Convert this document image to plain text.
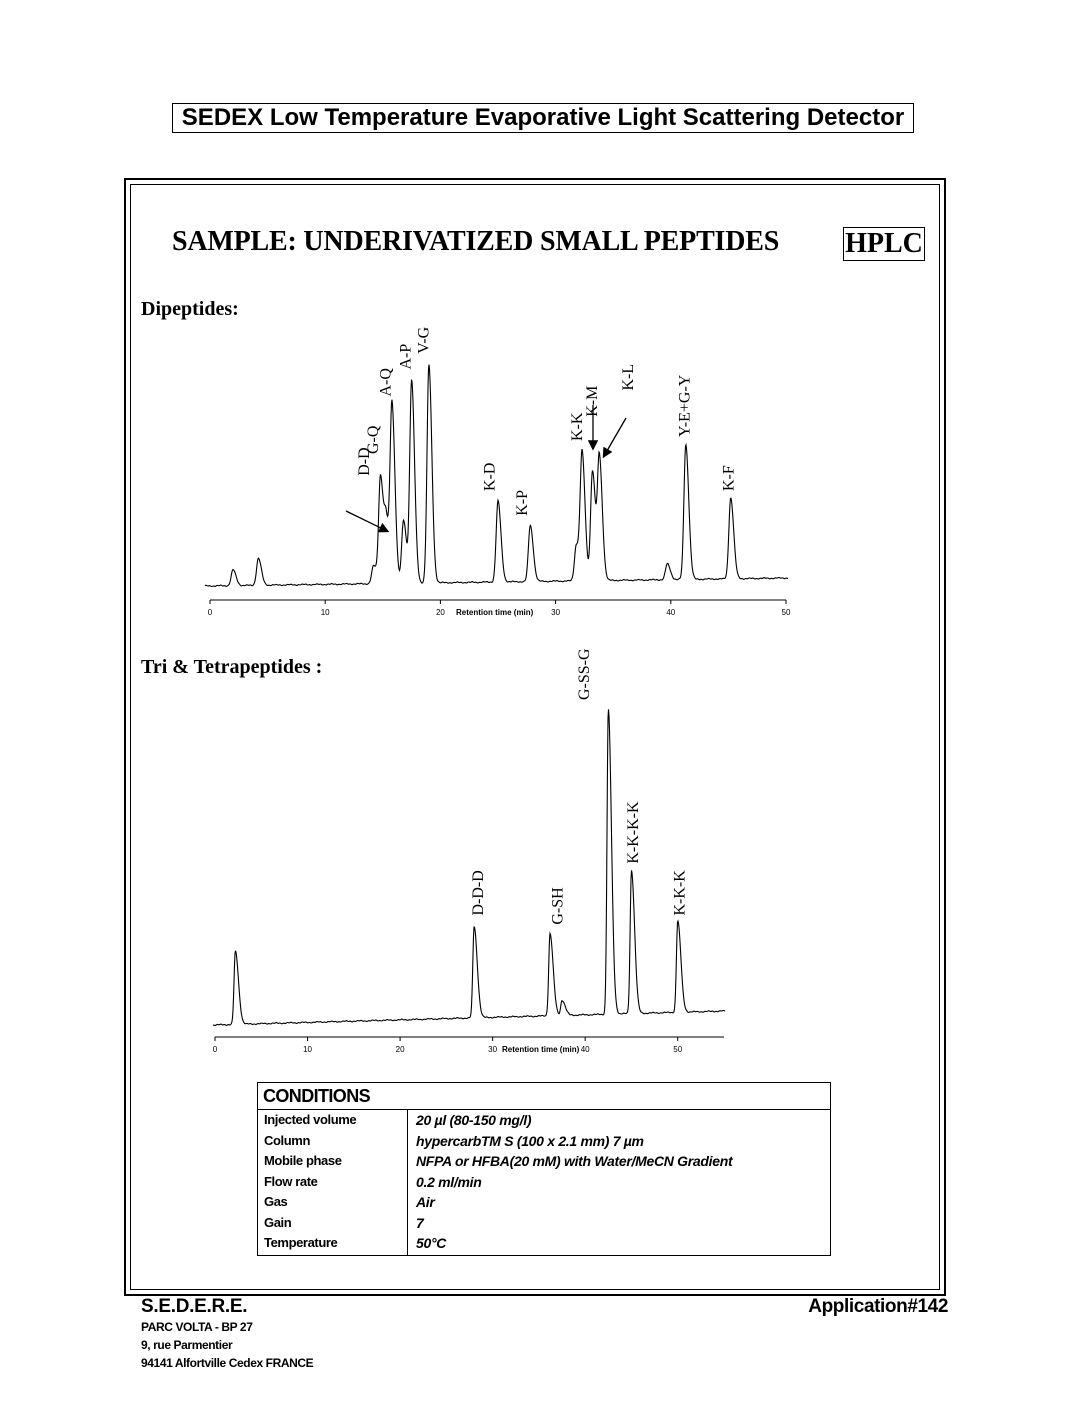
SEDEX Low Temperature Evaporative Light Scattering Detector
SAMPLE: UNDERIVATIZED SMALL PEPTIDES HPLC
Dipeptides:
Tri & Tetrapeptides :
0	10	20	30	40	50
Retention time (min)
G-Q
D-D
A-Q
A-P
V-G
K-D
K-P
K-K
K-M
K-L Y-E+G-Y
K-F
0	10	20	30	40	50
Retention time (min)
D-D-D	G-SH
G-SS-G
K-K-K-K
K-K-K
CONDITIONS
Injected volume	20 µl (80-150 mg/l)
Column	hypercarbTM S (100 x 2.1 mm) 7 µm
Mobile phase	NFPA or HFBA(20 mM) with Water/MeCN Gradient
Flow rate	0.2 ml/min
Gas	Air
Gain	7
Temperature	50°C
S.E.D.E.R.E.	Application#142
PARC VOLTA - BP 27
9, rue Parmentier
94141 Alfortville Cedex FRANCE
